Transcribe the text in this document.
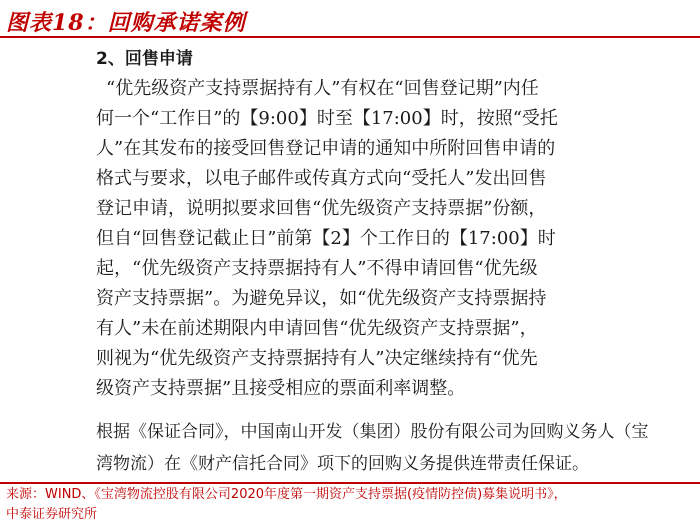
图表18：回购承诺案例
2、回售申请
“优先级资产支持票据持有人”有权在“回售登记期”内任
何一个“工作日”的【9:00】时至【17:00】时，按照“受托
人”在其发布的接受回售登记申请的通知中所附回售申请的
格式与要求，以电子邮件或传真方式向“受托人”发出回售
登记申请，说明拟要求回售“优先级资产支持票据”份额，
但自“回售登记截止日”前第【2】个工作日的【17:00】时
起，“优先级资产支持票据持有人”不得申请回售“优先级
资产支持票据”。为避免异议，如“优先级资产支持票据持
有人”未在前述期限内申请回售“优先级资产支持票据”，
则视为“优先级资产支持票据持有人”决定继续持有“优先
级资产支持票据”且接受相应的票面利率调整。
根据《保证合同》，中国南山开发（集团）股份有限公司为回购义务人（宝
湾物流）在《财产信托合同》项下的回购义务提供连带责任保证。
来源：WIND、《宝湾物流控股有限公司2020年度第一期资产支持票据(疫情防控债)募集说明书》，
中泰证券研究所
